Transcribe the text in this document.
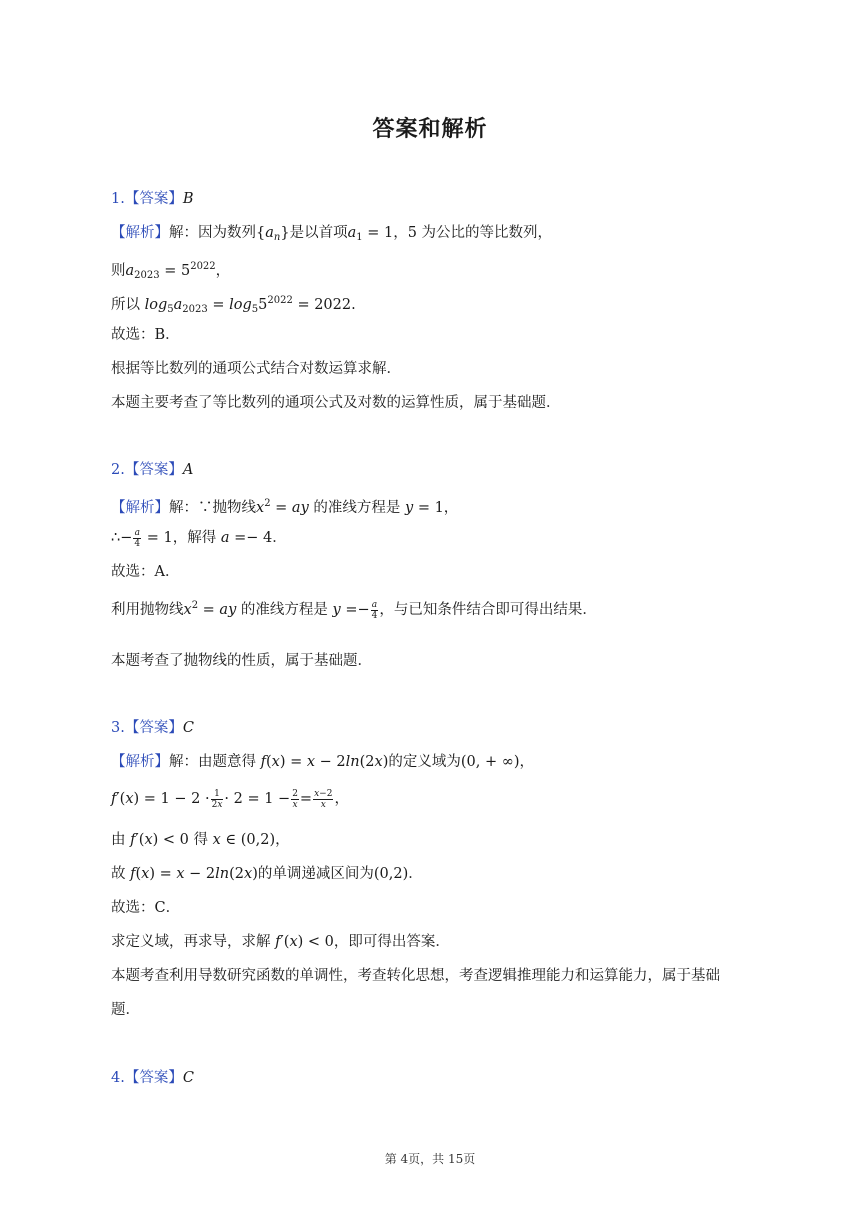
答案和解析
1.【答案】B
【解析】解：因为数列$\{a_n\}$是以首项$a_1 = 1$，5 为公比的等比数列，
则$a_{2023} = 5^{2022}$，
所以 $\log_5a_{2023} = \log_55^{2022} = 2022$.
故选：B．
根据等比数列的通项公式结合对数运算求解．
本题主要考查了等比数列的通项公式及对数的运算性质，属于基础题．
2.【答案】A
【解析】解：∵抛物线$x^2$ = ay 的准线方程是 y = 1，
∴− $\frac{a}{4} = 1$，解得 a =− 4．
故选：A．
利用抛物线$x^2$ = ay 的准线方程是 $y =- \frac{a}{4}$ ，与已知条件结合即可得出结果．
本题考查了抛物线的性质，属于基础题．
3.【答案】C
【解析】解：由题意得 f(x) = x − 2ln(2x)的定义域为(0, + ∞)，
$f'(x) = 1 - 2 \cdot \frac{1}{2x} \cdot 2 = 1 - \frac{2}{x} = \frac{x-2}{x}$ ，
由 f′(x) < 0 得 x ∈ (0,2)，
故 f(x) = x − 2ln(2x)的单调递减区间为(0,2)．
故选：C．
求定义域，再求导，求解 f′(x) < 0，即可得出答案．
本题考查利用导数研究函数的单调性，考查转化思想，考查逻辑推理能力和运算能力，属于基础
题．
4.【答案】C
第 4页，共 15页
